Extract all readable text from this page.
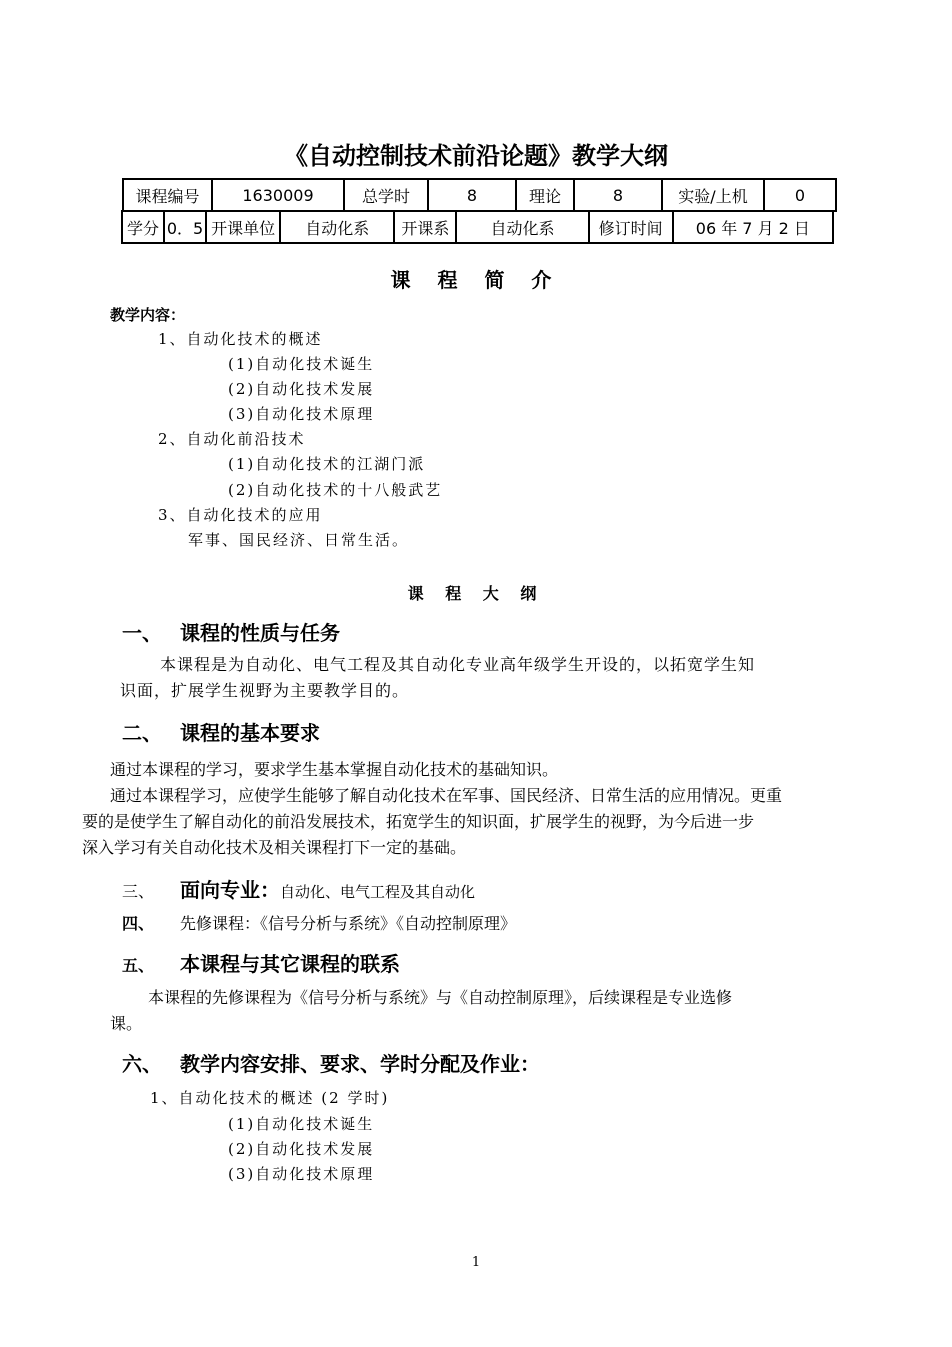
《自动控制技术前沿论题》教学大纲
课程编号	1630009	总学时	8	理论	8	实验/上机	0

学分	0．5	开课单位	自动化系	开课系	自动化系	修订时间	06 年 7 月 2 日
课 程 简 介
教学内容：
1、自动化技术的概述
(1)自动化技术诞生
(2)自动化技术发展
(3)自动化技术原理
2、自动化前沿技术
(1)自动化技术的江湖门派
(2)自动化技术的十八般武艺
3、自动化技术的应用
军事、国民经济、日常生活。
课 程 大 纲
一、 课程的性质与任务
本课程是为自动化、电气工程及其自动化专业高年级学生开设的，以拓宽学生知
识面，扩展学生视野为主要教学目的。
二、 课程的基本要求
通过本课程的学习，要求学生基本掌握自动化技术的基础知识。
通过本课程学习，应使学生能够了解自动化技术在军事、国民经济、日常生活的应用情况。更重
要的是使学生了解自动化的前沿发展技术，拓宽学生的知识面，扩展学生的视野，为今后进一步
深入学习有关自动化技术及相关课程打下一定的基础。
三、 面向专业：自动化、电气工程及其自动化
四、 先修课程：《信号分析与系统》《自动控制原理》
五、 本课程与其它课程的联系
本课程的先修课程为《信号分析与系统》与《自动控制原理》，后续课程是专业选修
课。
六、 教学内容安排、要求、学时分配及作业：
1、自动化技术的概述 (2 学时)
(1)自动化技术诞生
(2)自动化技术发展
(3)自动化技术原理
1
